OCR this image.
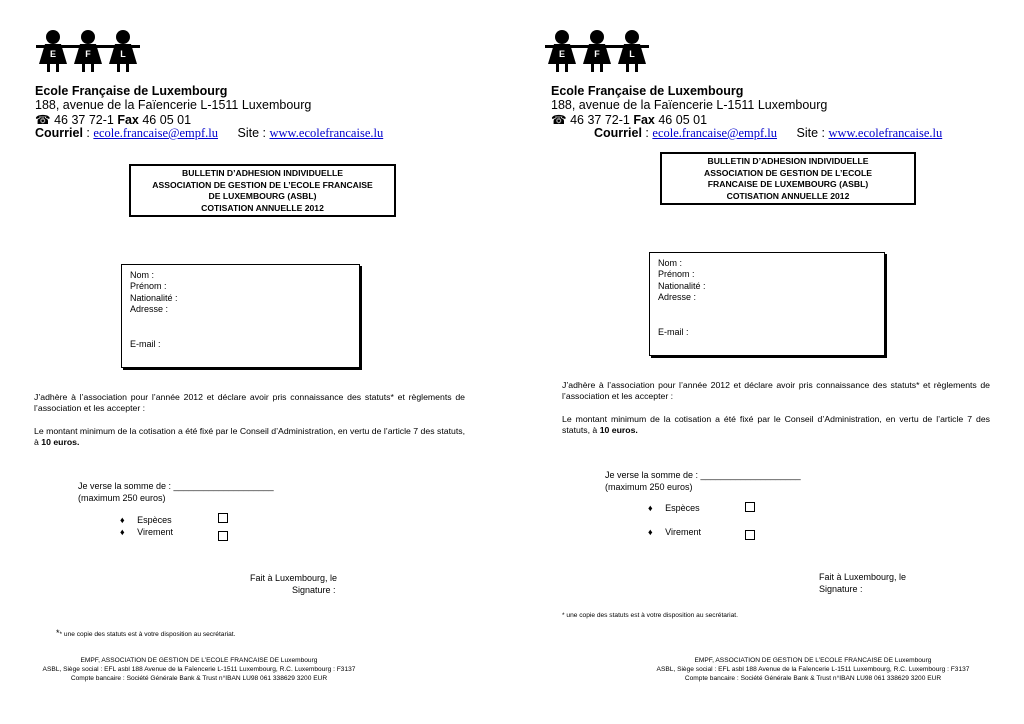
E	F	L
Ecole Française de Luxembourg
188, avenue de la Faïencerie L-1511 Luxembourg
☎ 46 37 72-1 Fax 46 05 01
Courriel : ecole.francaise@empf.lu Site : www.ecolefrancaise.lu
BULLETIN D’ADHESION INDIVIDUELLE
ASSOCIATION DE GESTION DE L’ECOLE FRANCAISE
DE LUXEMBOURG (ASBL)
COTISATION ANNUELLE 2012
Nom :
Prénom :
Nationalité :
Adresse :
E-mail :
J’adhère à l’association pour l’année 2012 et déclare avoir pris connaissance des statuts* et règlements de l’association et les accepter :
Le montant minimum de la cotisation a été fixé par le Conseil d’Administration, en vertu de l’article 7 des statuts, à 10 euros.
Je verse la somme de : ____________________
(maximum 250 euros)
♦ Espèces
♦ Virement
Fait à Luxembourg, le
Signature :
** une copie des statuts est à votre disposition au secrétariat.
EMPF, ASSOCIATION DE GESTION DE L’ECOLE FRANCAISE DE Luxembourg
ASBL, Siège social : EFL asbl 188 Avenue de la Faïencerie L-1511 Luxembourg, R.C. Luxembourg : F3137
Compte bancaire : Société Générale Bank & Trust n°IBAN LU98 061 338629 3200 EUR
E	F	L
Ecole Française de Luxembourg
188, avenue de la Faïencerie L-1511 Luxembourg
☎ 46 37 72-1 Fax 46 05 01
Courriel : ecole.francaise@empf.lu Site : www.ecolefrancaise.lu
BULLETIN D’ADHESION INDIVIDUELLE
ASSOCIATION DE GESTION DE L’ECOLE
FRANCAISE DE LUXEMBOURG (ASBL)
COTISATION ANNUELLE 2012
Nom :
Prénom :
Nationalité :
Adresse :
E-mail :
J’adhère à l’association pour l’année 2012 et déclare avoir pris connaissance des statuts* et règlements de l’association et les accepter :
Le montant minimum de la cotisation a été fixé par le Conseil d’Administration, en vertu de l’article 7 des statuts, à 10 euros.
Je verse la somme de : ____________________
(maximum 250 euros)
♦ Espèces
♦ Virement
Fait à Luxembourg, le
Signature :
* une copie des statuts est à votre disposition au secrétariat.
EMPF, ASSOCIATION DE GESTION DE L’ECOLE FRANCAISE DE Luxembourg
ASBL, Siège social : EFL asbl 188 Avenue de la Faïencerie L-1511 Luxembourg, R.C. Luxembourg : F3137
Compte bancaire : Société Générale Bank & Trust n°IBAN LU98 061 338629 3200 EUR
